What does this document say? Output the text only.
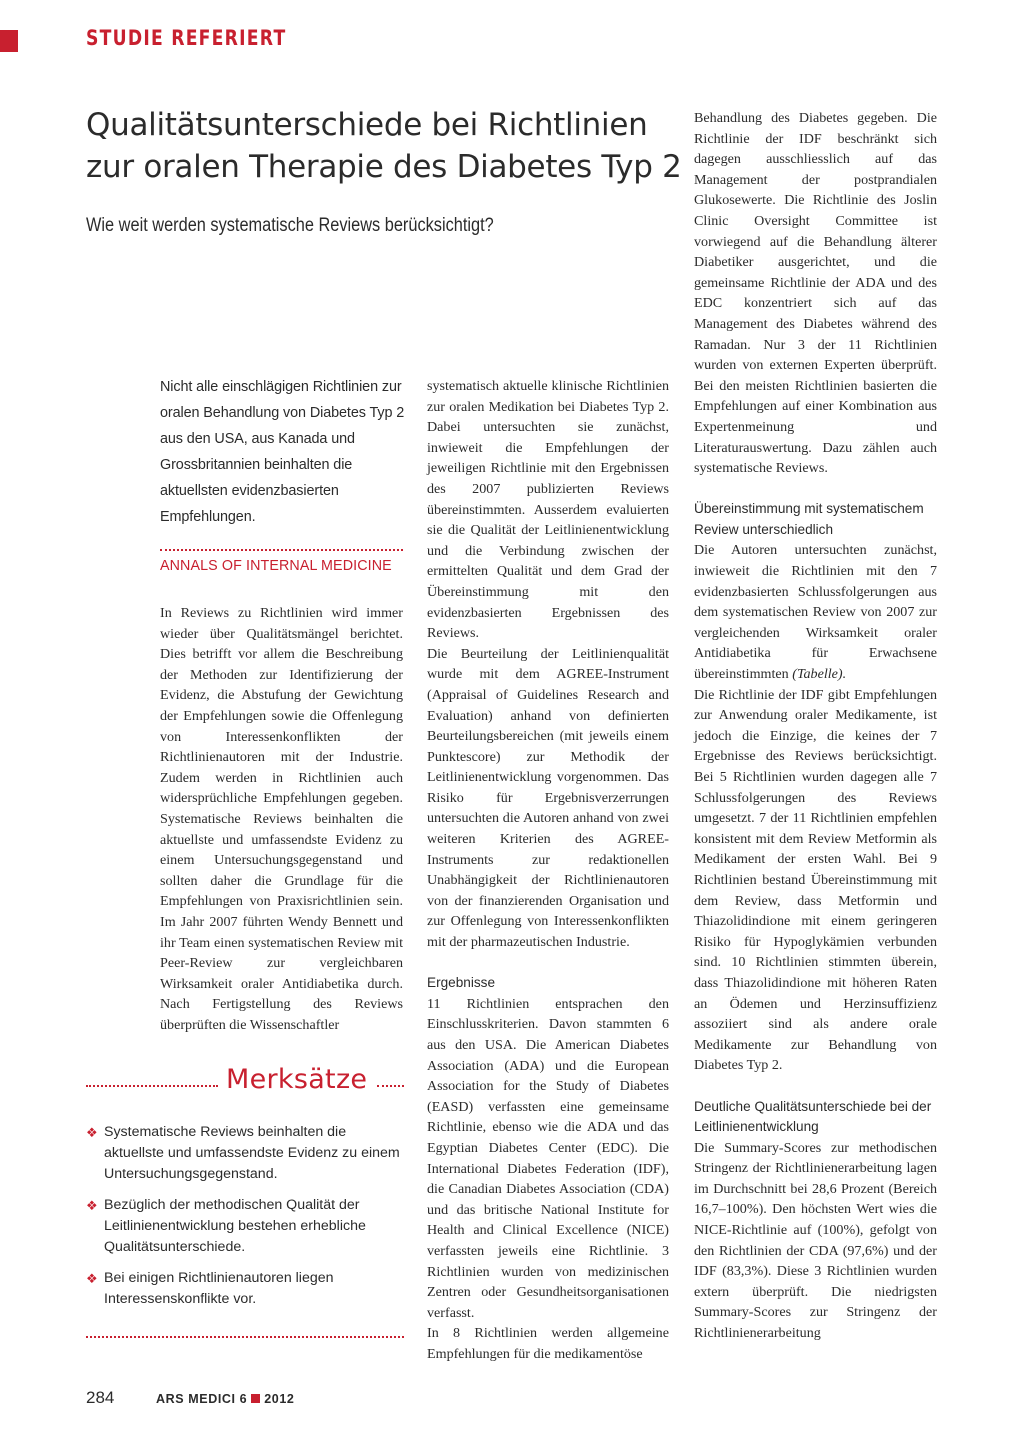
STUDIE REFERIERT
Qualitätsunterschiede bei Richtlinien
zur oralen Therapie des Diabetes Typ 2
Wie weit werden systematische Reviews berücksichtigt?
Nicht alle einschlägigen Richtlinien zur oralen Behandlung von Diabetes Typ 2 aus den USA, aus Kanada und Grossbritannien beinhalten die aktuellsten evidenzbasierten Empfehlungen.
ANNALS OF INTERNAL MEDICINE

In Reviews zu Richtlinien wird immer wieder über Qualitätsmängel berichtet. Dies betrifft vor allem die Beschreibung der Methoden zur Identifizierung der Evidenz, die Abstufung der Gewichtung der Empfehlungen sowie die Offenlegung von Interessenkonflikten der Richtlinienautoren mit der Industrie. Zudem werden in Richtlinien auch widersprüchliche Empfehlungen gegeben. Systematische Reviews beinhalten die aktuellste und umfassendste Evidenz zu einem Untersuchungsgegenstand und sollten daher die Grundlage für die Empfehlungen von Praxisrichtlinien sein. Im Jahr 2007 führten Wendy Bennett und ihr Team einen systematischen Review mit Peer-Review zur vergleichbaren Wirksamkeit oraler Antidiabetika durch. Nach Fertigstellung des Reviews überprüften die Wissenschaftler

systematisch aktuelle klinische Richtlinien zur oralen Medikation bei Diabetes Typ 2. Dabei untersuchten sie zunächst, inwieweit die Empfehlungen der jeweiligen Richtlinie mit den Ergebnissen des 2007 publizierten Reviews übereinstimmten. Ausserdem evaluierten sie die Qualität der Leitlinienentwicklung und die Verbindung zwischen der ermittelten Qualität und dem Grad der Übereinstimmung mit den evidenzbasierten Ergebnissen des Reviews.

Die Beurteilung der Leitlinienqualität wurde mit dem AGREE-Instrument (Appraisal of Guidelines Research and Evaluation) anhand von definierten Beurteilungsbereichen (mit jeweils einem Punktescore) zur Methodik der Leitlinienentwicklung vorgenommen. Das Risiko für Ergebnisverzerrungen untersuchten die Autoren anhand von zwei weiteren Kriterien des AGREE-Instruments zur redaktionellen Unabhängigkeit der Richtlinienautoren von der finanzierenden Organisation und zur Offenlegung von Interessenkonflikten mit der pharmazeutischen Industrie.

Ergebnisse

11 Richtlinien entsprachen den Einschlusskriterien. Davon stammten 6 aus den USA. Die American Diabetes Association (ADA) und die European Association for the Study of Diabetes (EASD) verfassten eine gemeinsame Richtlinie, ebenso wie die ADA und das Egyptian Diabetes Center (EDC). Die International Diabetes Federation (IDF), die Canadian Diabetes Association (CDA) und das britische National Institute for Health and Clinical Excellence (NICE) verfassten jeweils eine Richtlinie. 3 Richtlinien wurden von medizinischen Zentren oder Gesundheitsorganisationen verfasst.

In 8 Richtlinien werden allgemeine Empfehlungen für die medikamentöse

Behandlung des Diabetes gegeben. Die Richtlinie der IDF beschränkt sich dagegen ausschliesslich auf das Management der postprandialen Glukosewerte. Die Richtlinie des Joslin Clinic Oversight Committee ist vorwiegend auf die Behandlung älterer Diabetiker ausgerichtet, und die gemeinsame Richtlinie der ADA und des EDC konzentriert sich auf das Management des Diabetes während des Ramadan. Nur 3 der 11 Richtlinien wurden von externen Experten überprüft. Bei den meisten Richtlinien basierten die Empfehlungen auf einer Kombination aus Expertenmeinung und Literaturauswertung. Dazu zählen auch systematische Reviews.

Übereinstimmung mit systematischem Review unterschiedlich

Die Autoren untersuchten zunächst, inwieweit die Richtlinien mit den 7 evidenzbasierten Schlussfolgerungen aus dem systematischen Review von 2007 zur vergleichenden Wirksamkeit oraler Antidiabetika für Erwachsene übereinstimmten (Tabelle).

Die Richtlinie der IDF gibt Empfehlungen zur Anwendung oraler Medikamente, ist jedoch die Einzige, die keines der 7 Ergebnisse des Reviews berücksichtigt. Bei 5 Richtlinien wurden dagegen alle 7 Schlussfolgerungen des Reviews umgesetzt. 7 der 11 Richtlinien empfehlen konsistent mit dem Review Metformin als Medikament der ersten Wahl. Bei 9 Richtlinien bestand Übereinstimmung mit dem Review, dass Metformin und Thiazolidindione mit einem geringeren Risiko für Hypoglykämien verbunden sind. 10 Richtlinien stimmten überein, dass Thiazolidindione mit höheren Raten an Ödemen und Herzinsuffizienz assoziiert sind als andere orale Medikamente zur Behandlung von Diabetes Typ 2.

Deutliche Qualitätsunterschiede bei der Leitlinienentwicklung

Die Summary-Scores zur methodischen Stringenz der Richtlinienerarbeitung lagen im Durchschnitt bei 28,6 Prozent (Bereich 16,7–100%). Den höchsten Wert wies die NICE-Richtlinie auf (100%), gefolgt von den Richtlinien der CDA (97,6%) und der IDF (83,3%). Diese 3 Richtlinien wurden extern überprüft. Die niedrigsten Summary-Scores zur Stringenz der Richtlinienerarbeitung

Merksätze
❖ Systematische Reviews beinhalten die aktuellste und umfassendste Evidenz zu einem Untersuchungsgegenstand.
❖ Bezüglich der methodischen Qualität der Leitlinienentwicklung bestehen erhebliche Qualitätsunterschiede.
❖ Bei einigen Richtlinienautoren liegen Interessenskonflikte vor.
284	ARS MEDICI 6 2012
